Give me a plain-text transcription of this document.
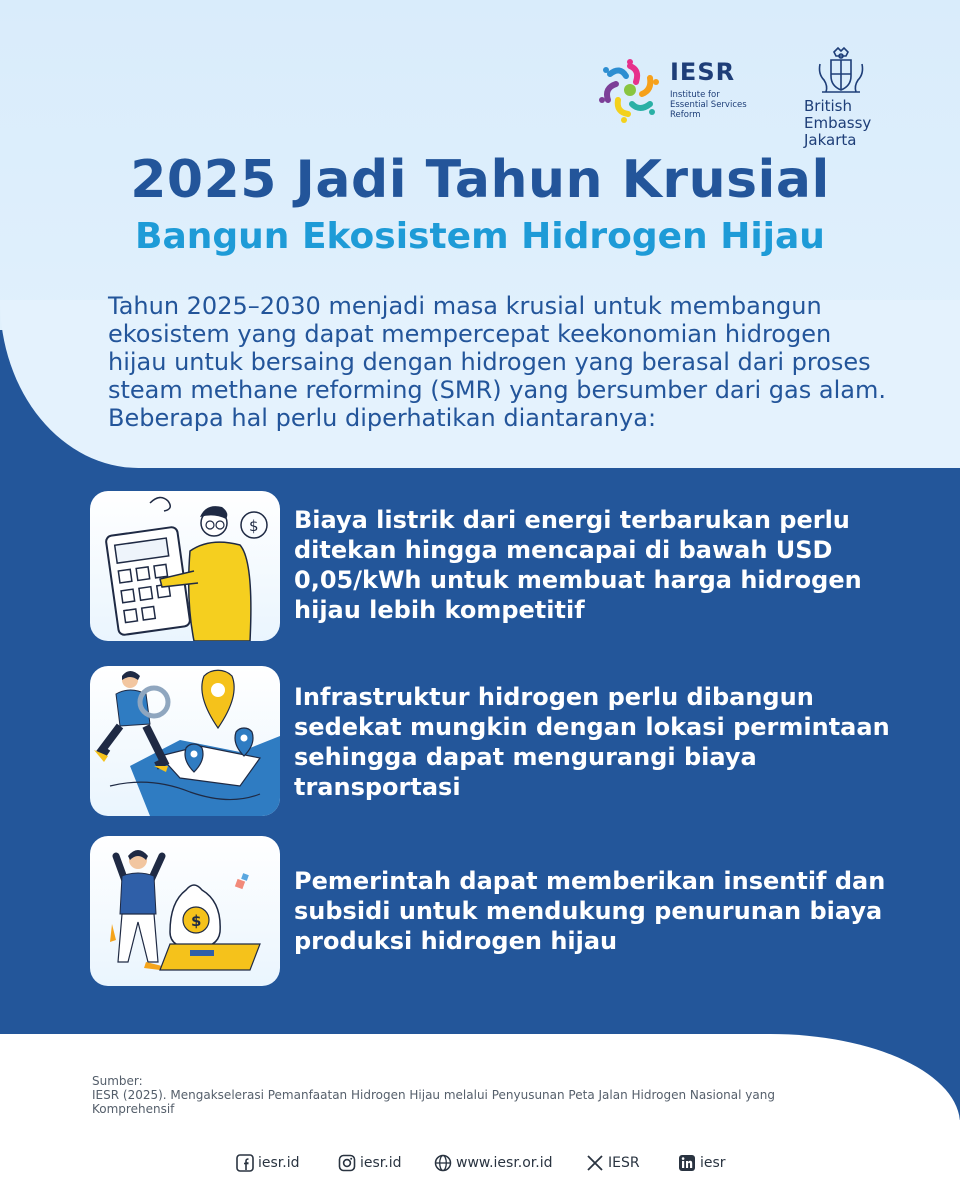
IESR
Institute for Essential Services Reform	British Embassy
Jakarta
2025 Jadi Tahun Krusial
Bangun Ekosistem Hidrogen Hijau
Tahun 2025–2030 menjadi masa krusial untuk membangun ekosistem yang dapat mempercepat keekonomian hidrogen hijau untuk bersaing dengan hidrogen yang berasal dari proses steam methane reforming (SMR) yang bersumber dari gas alam. Beberapa hal perlu diperhatikan diantaranya:
$ Biaya listrik dari energi terbarukan perlu ditekan hingga mencapai di bawah USD 0,05/kWh untuk membuat harga hidrogen hijau lebih kompetitif
Infrastruktur hidrogen perlu dibangun sedekat mungkin dengan lokasi permintaan sehingga dapat mengurangi biaya transportasi
$
Pemerintah dapat memberikan insentif dan subsidi untuk mendukung penurunan biaya produksi hidrogen hijau
Sumber:
IESR (2025). Mengakselerasi Pemanfaatan Hidrogen Hijau melalui Penyusunan Peta Jalan Hidrogen Nasional yang Komprehensif
iesr.id	iesr.id	www.iesr.or.id	IESR	iesr
